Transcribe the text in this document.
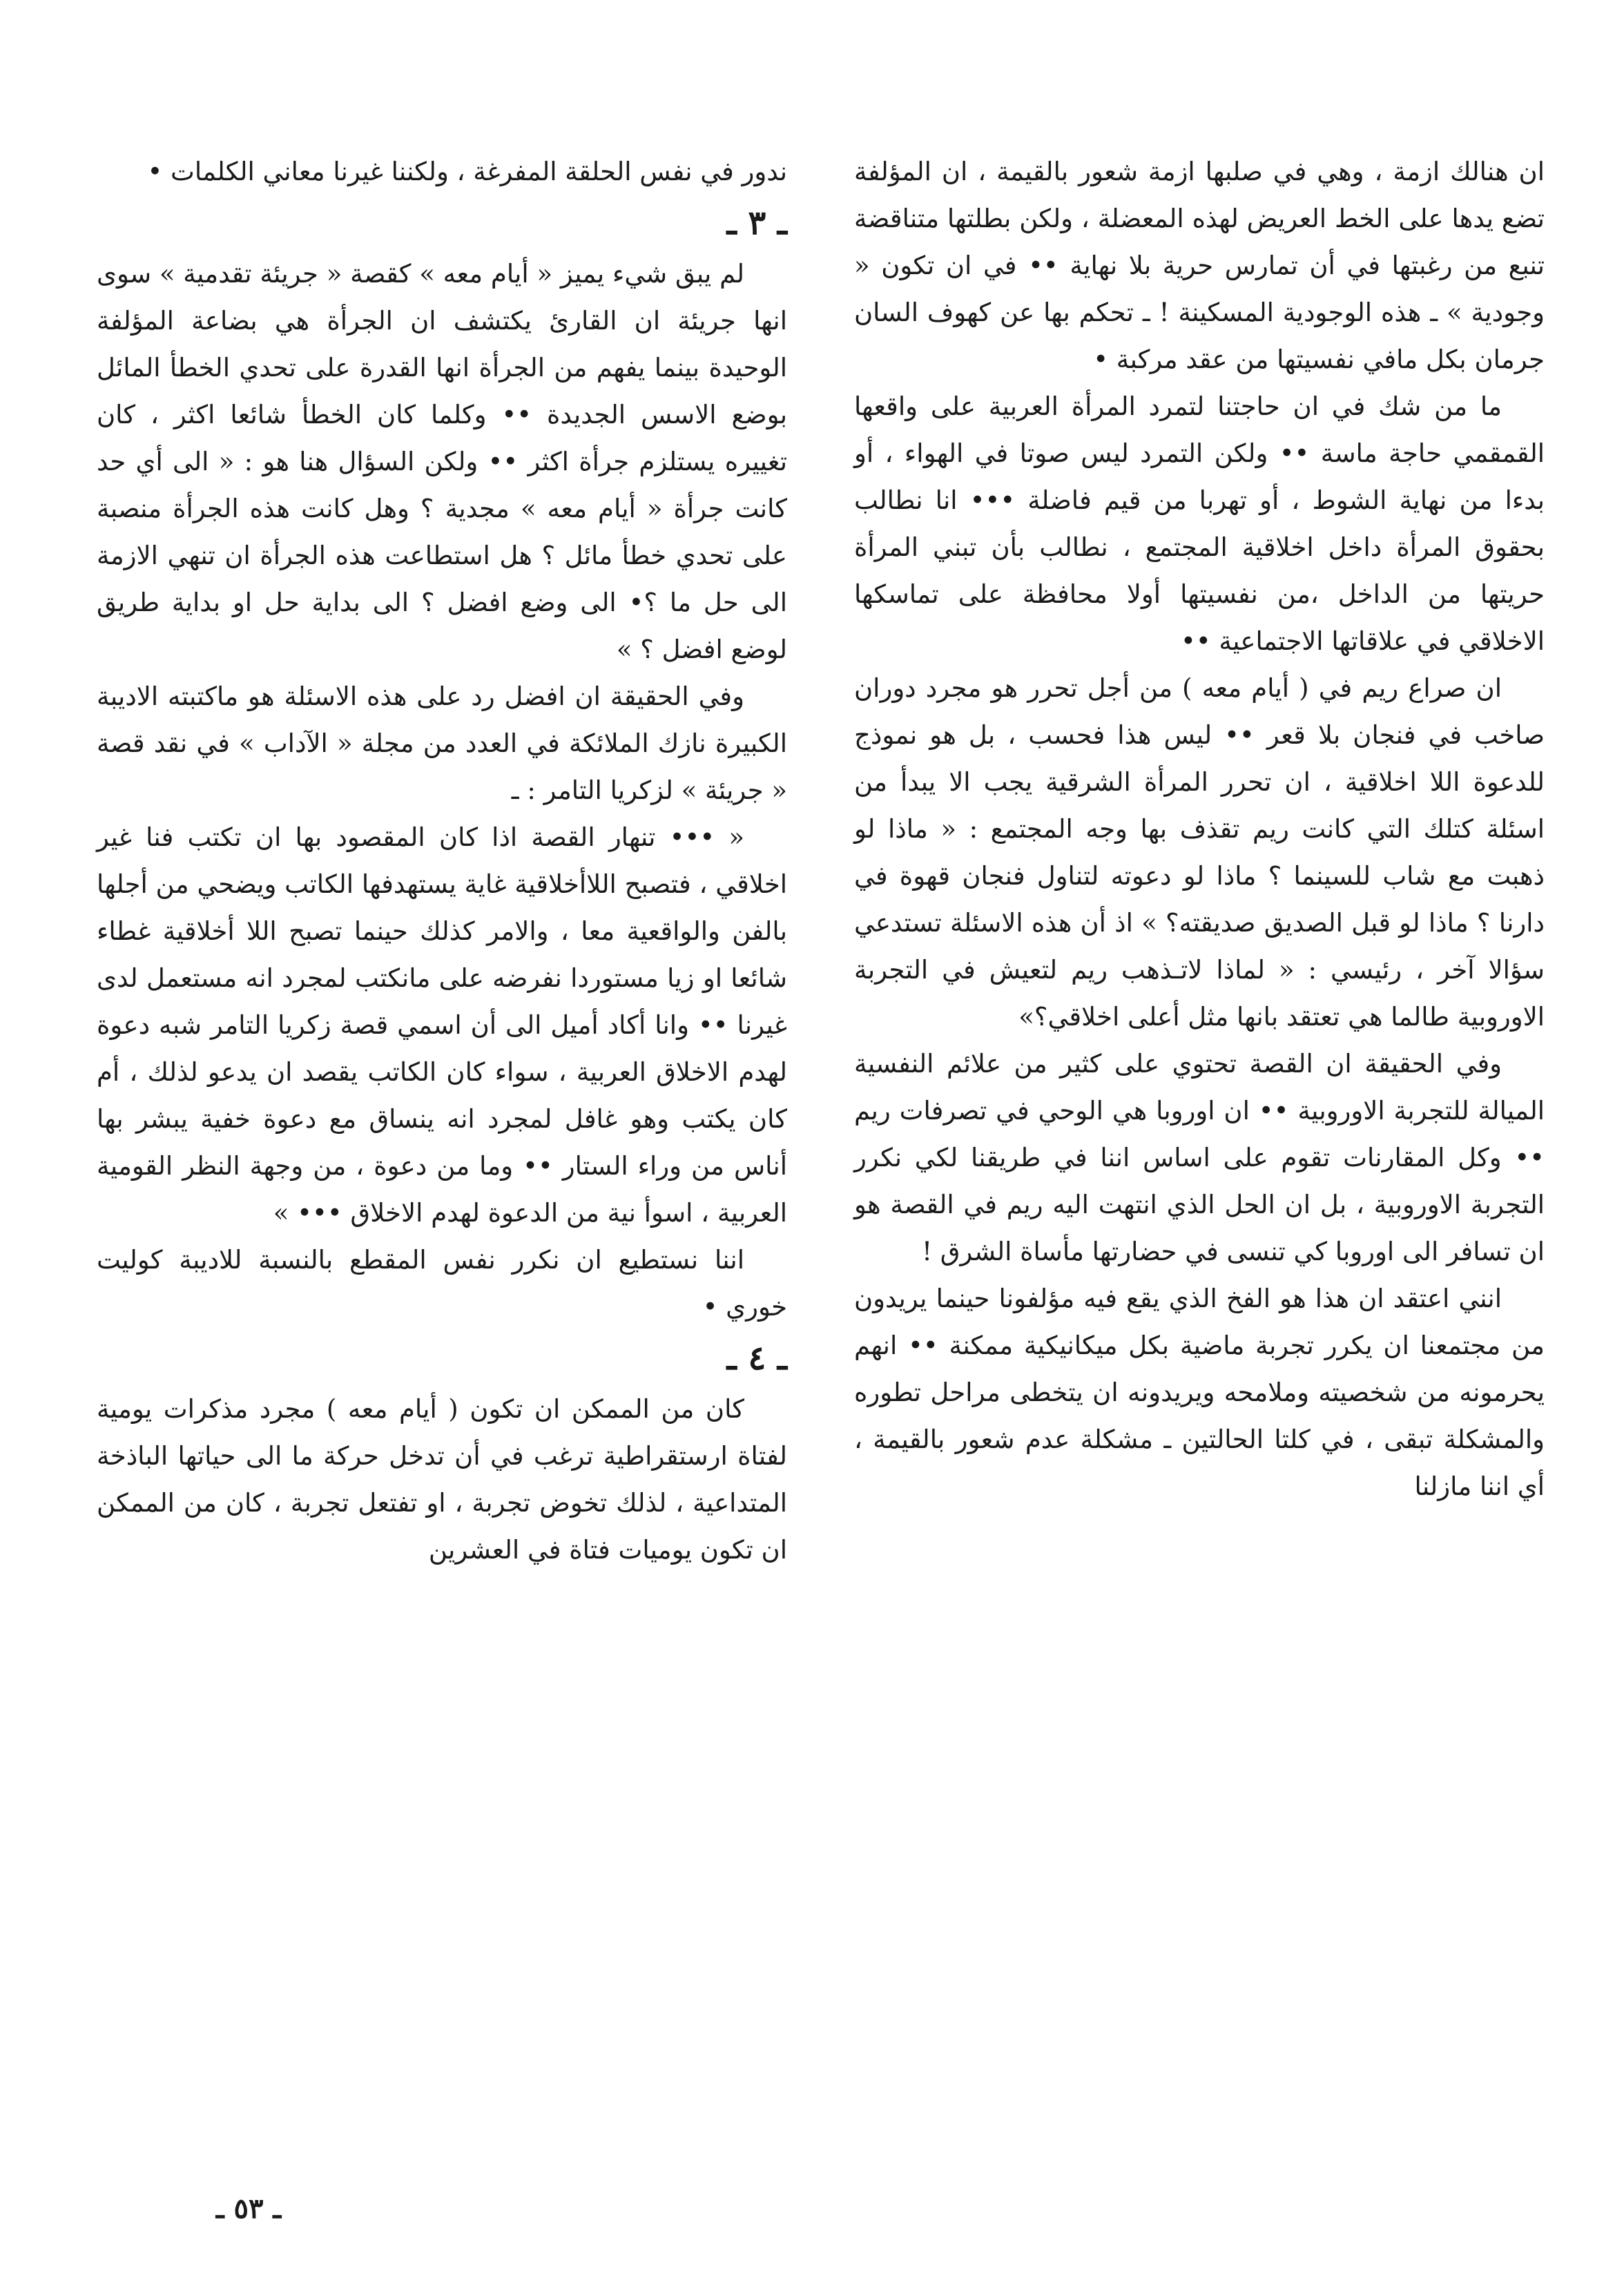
ان هنالك ازمة ، وهي في صلبها ازمة شعور بالقيمة ، ان المؤلفة تضع يدها على الخط العريض لهذه المعضلة ، ولكن بطلتها متناقضة تنبع من رغبتها في أن تمارس حرية بلا نهاية •• في ان تكون « وجودية » ـ هذه الوجودية المسكينة ! ـ تحكم بها عن كهوف السان جرمان بكل مافي نفسيتها من عقد مركبة •

ما من شك في ان حاجتنا لتمرد المرأة العربية على واقعها القمقمي حاجة ماسة •• ولكن التمرد ليس صوتا في الهواء ، أو بدءا من نهاية الشوط ، أو تهربا من قيم فاضلة ••• انا نطالب بحقوق المرأة داخل اخلاقية المجتمع ، نطالب بأن تبني المرأة حريتها من الداخل ،من نفسيتها أولا محافظة على تماسكها الاخلاقي في علاقاتها الاجتماعية ••

ان صراع ريم في ( أيام معه ) من أجل تحرر هو مجرد دوران صاخب في فنجان بلا قعر •• ليس هذا فحسب ، بل هو نموذج للدعوة اللا اخلاقية ، ان تحرر المرأة الشرقية يجب الا يبدأ من اسئلة كتلك التي كانت ريم تقذف بها وجه المجتمع : « ماذا لو ذهبت مع شاب للسينما ؟ ماذا لو دعوته لتناول فنجان قهوة في دارنا ؟ ماذا لو قبل الصديق صديقته؟ » اذ أن هذه الاسئلة تستدعي سؤالا آخر ، رئيسي : « لماذا لاتـذهب ريم لتعيش في التجربة الاوروبية طالما هي تعتقد بانها مثل أعلى اخلاقي؟»

وفي الحقيقة ان القصة تحتوي على كثير من علائم النفسية الميالة للتجربة الاوروبية •• ان اوروبا هي الوحي في تصرفات ريم •• وكل المقارنات تقوم على اساس اننا في طريقنا لكي نكرر التجربة الاوروبية ، بل ان الحل الذي انتهت اليه ريم في القصة هو ان تسافر الى اوروبا كي تنسى في حضارتها مأساة الشرق !

انني اعتقد ان هذا هو الفخ الذي يقع فيه مؤلفونا حينما يريدون من مجتمعنا ان يكرر تجربة ماضية بكل ميكانيكية ممكنة •• انهم يحرمونه من شخصيته وملامحه ويريدونه ان يتخطى مراحل تطوره والمشكلة تبقى ، في كلتا الحالتين ـ مشكلة عدم شعور بالقيمة ، أي اننا مازلنا

ندور في نفس الحلقة المفرغة ، ولكننا غيرنا معاني الكلمات •

ـ ٣ ـ

لم يبق شيء يميز « أيام معه » كقصة « جريئة تقدمية » سوى انها جريئة ان القارئ يكتشف ان الجرأة هي بضاعة المؤلفة الوحيدة بينما يفهم من الجرأة انها القدرة على تحدي الخطأ المائل بوضع الاسس الجديدة •• وكلما كان الخطأ شائعا اكثر ، كان تغييره يستلزم جرأة اكثر •• ولكن السؤال هنا هو : « الى أي حد كانت جرأة « أيام معه » مجدية ؟ وهل كانت هذه الجرأة منصبة على تحدي خطأ مائل ؟ هل استطاعت هذه الجرأة ان تنهي الازمة الى حل ما ؟• الى وضع افضل ؟ الى بداية حل او بداية طريق لوضع افضل ؟ »

وفي الحقيقة ان افضل رد على هذه الاسئلة هو ماكتبته الاديبة الكبيرة نازك الملائكة في العدد من مجلة « الآداب » في نقد قصة « جريئة » لزكريا التامر : ـ

« ••• تنهار القصة اذا كان المقصود بها ان تكتب فنا غير اخلاقي ، فتصبح اللاأخلاقية غاية يستهدفها الكاتب ويضحي من أجلها بالفن والواقعية معا ، والامر كذلك حينما تصبح اللا أخلاقية غطاء شائعا او زيا مستوردا نفرضه على مانكتب لمجرد انه مستعمل لدى غيرنا •• وانا أكاد أميل الى أن اسمي قصة زكريا التامر شبه دعوة لهدم الاخلاق العربية ، سواء كان الكاتب يقصد ان يدعو لذلك ، أم كان يكتب وهو غافل لمجرد انه ينساق مع دعوة خفية يبشر بها أناس من وراء الستار •• وما من دعوة ، من وجهة النظر القومية العربية ، اسوأ نية من الدعوة لهدم الاخلاق ••• »

اننا نستطيع ان نكرر نفس المقطع بالنسبة للاديبة كوليت خوري •

ـ ٤ ـ

كان من الممكن ان تكون ( أيام معه ) مجرد مذكرات يومية لفتاة ارستقراطية ترغب في أن تدخل حركة ما الى حياتها الباذخة المتداعية ، لذلك تخوض تجربة ، او تفتعل تجربة ، كان من الممكن ان تكون يوميات فتاة في العشرين

ـ ٥٣ ـ
